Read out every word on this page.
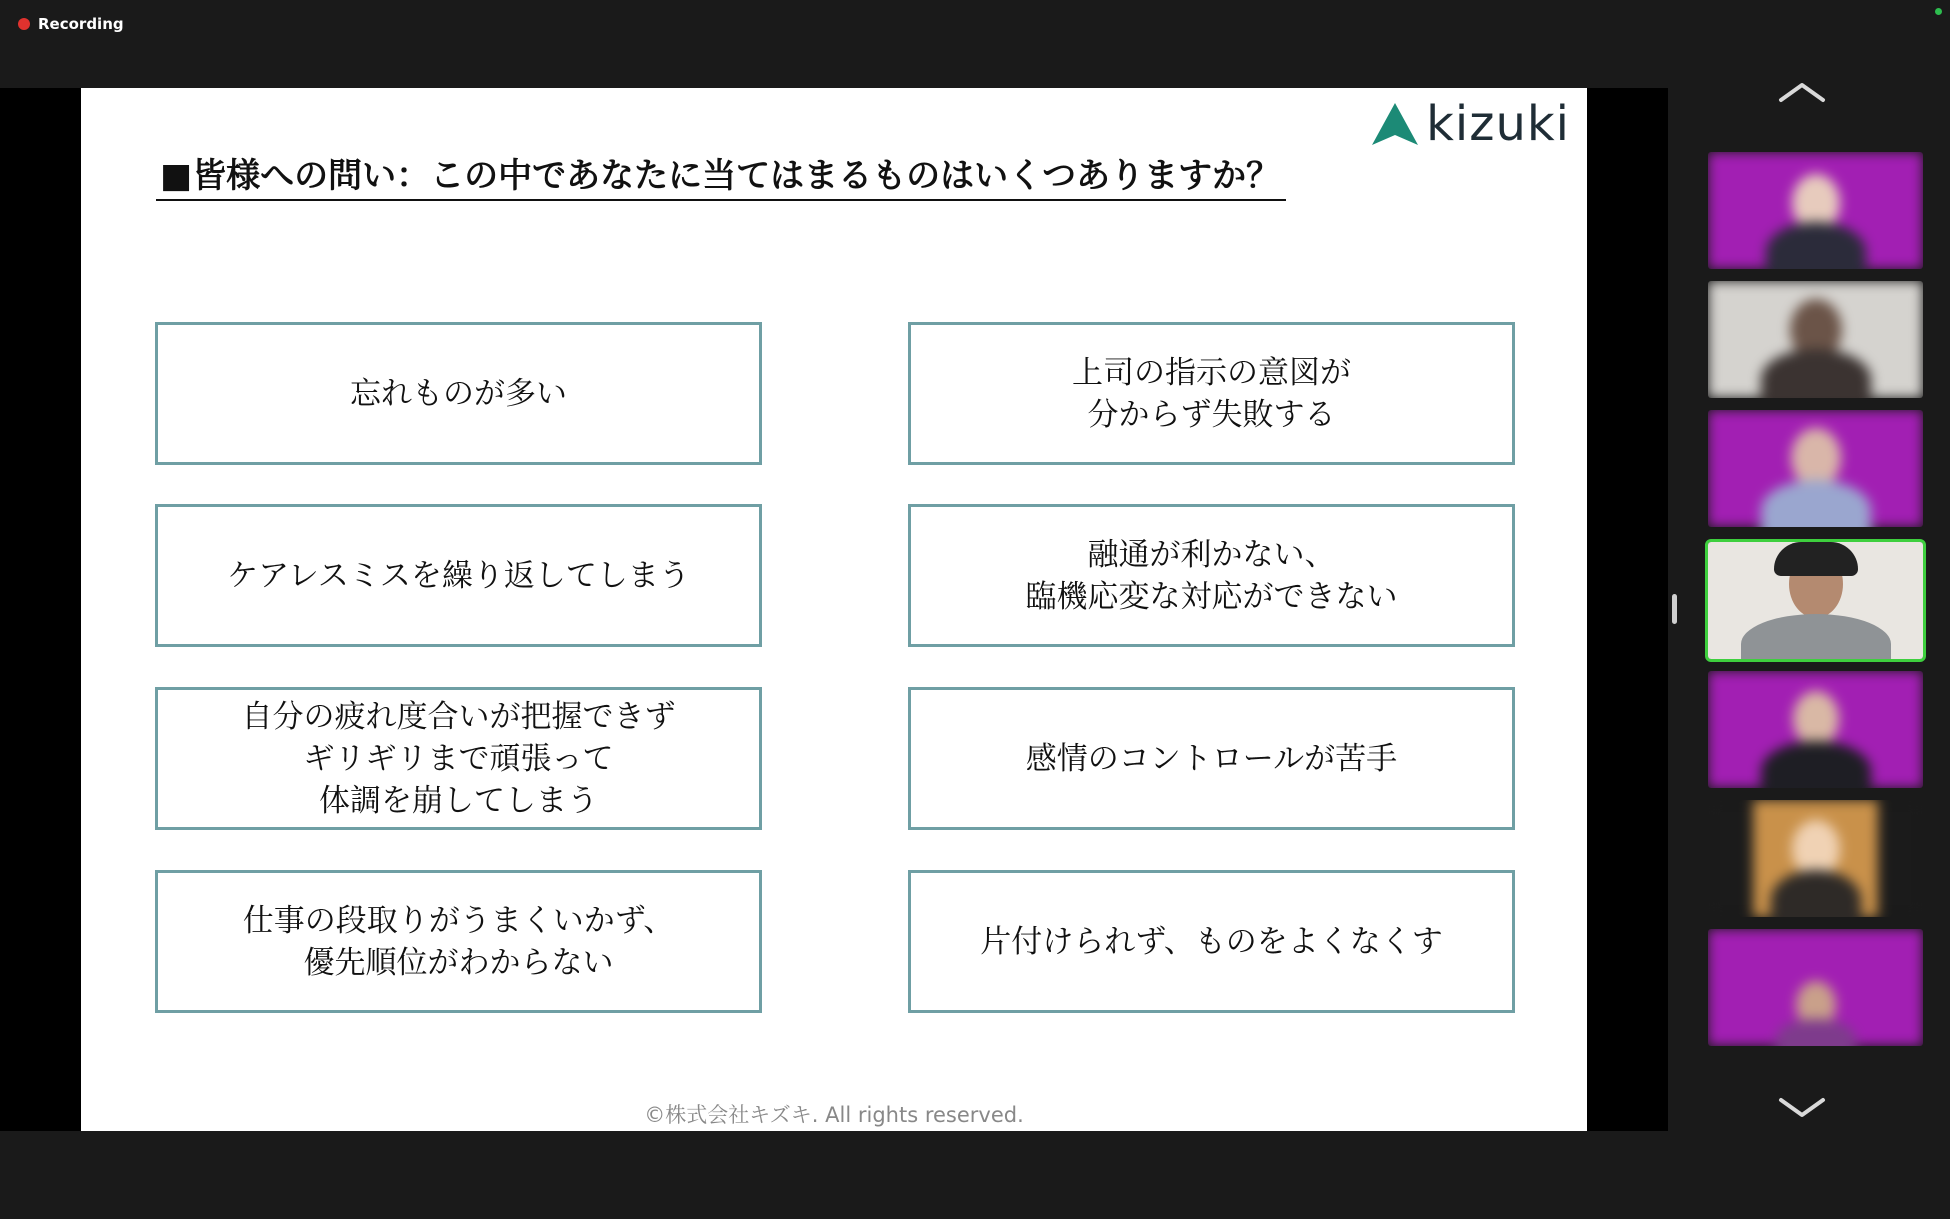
Recording
kizuki
■皆様への問い：この中であなたに当てはまるものはいくつありますか？
忘れものが多い
上司の指示の意図が
分からず失敗する
ケアレスミスを繰り返してしまう
融通が利かない、
臨機応変な対応ができない
自分の疲れ度合いが把握できず
ギリギリまで頑張って
体調を崩してしまう
感情のコントロールが苦手
仕事の段取りがうまくいかず、
優先順位がわからない
片付けられず、ものをよくなくす
©株式会社キズキ. All rights reserved.
